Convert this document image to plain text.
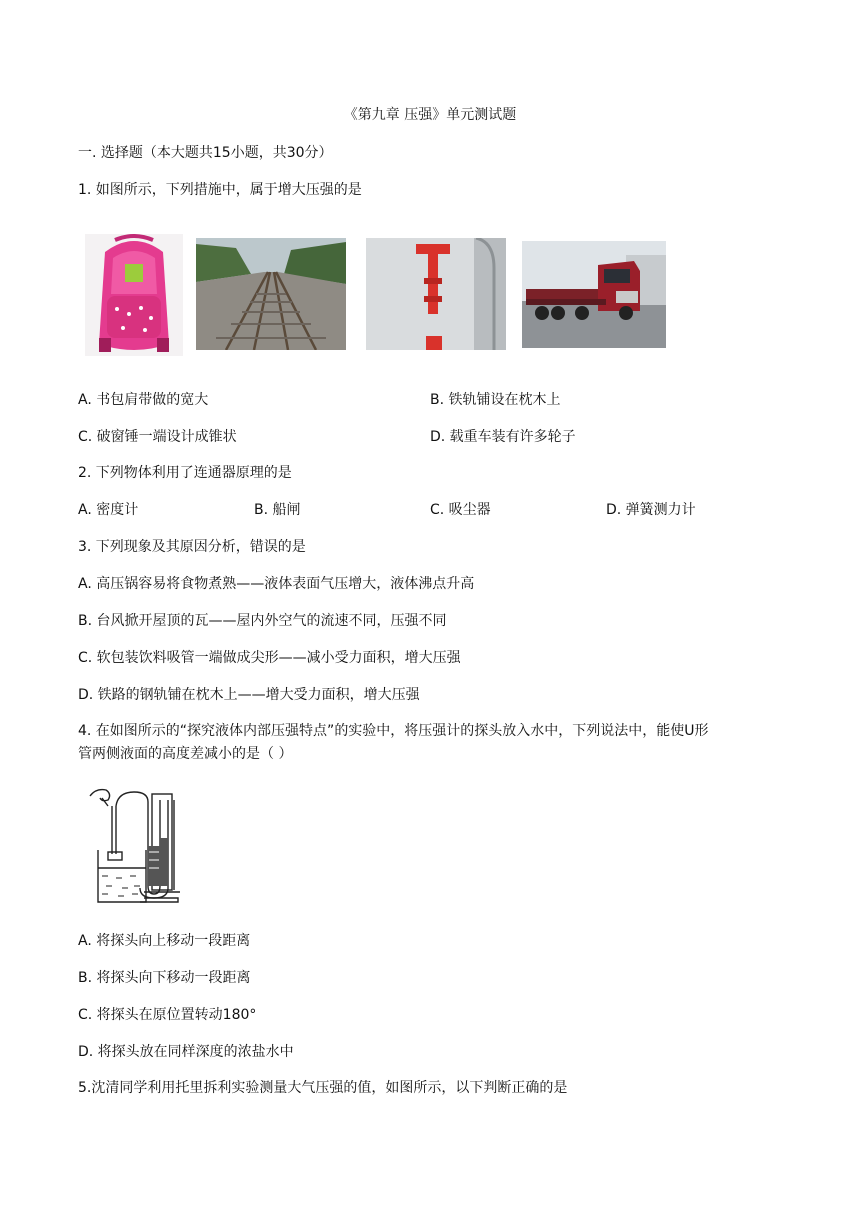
《第九章 压强》单元测试题
一. 选择题（本大题共15小题，共30分）
1. 如图所示，下列措施中，属于增大压强的是
A. 书包肩带做的宽大	B. 铁轨铺设在枕木上
C. 破窗锤一端设计成锥状	D. 载重车装有许多轮子
2. 下列物体利用了连通器原理的是
A. 密度计	B. 船闸	C. 吸尘器	D. 弹簧测力计
3. 下列现象及其原因分析，错误的是
A. 高压锅容易将食物煮熟——液体表面气压增大，液体沸点升高
B. 台风掀开屋顶的瓦——屋内外空气的流速不同，压强不同
C. 软包装饮料吸管一端做成尖形——减小受力面积，增大压强
D. 铁路的钢轨铺在枕木上——增大受力面积，增大压强
4. 在如图所示的“探究液体内部压强特点”的实验中，将压强计的探头放入水中，下列说法中，能使U形
管两侧液面的高度差减小的是（ ）
A. 将探头向上移动一段距离
B. 将探头向下移动一段距离
C. 将探头在原位置转动180°
D. 将探头放在同样深度的浓盐水中
5.沈清同学利用托里拆利实验测量大气压强的值，如图所示，以下判断正确的是
